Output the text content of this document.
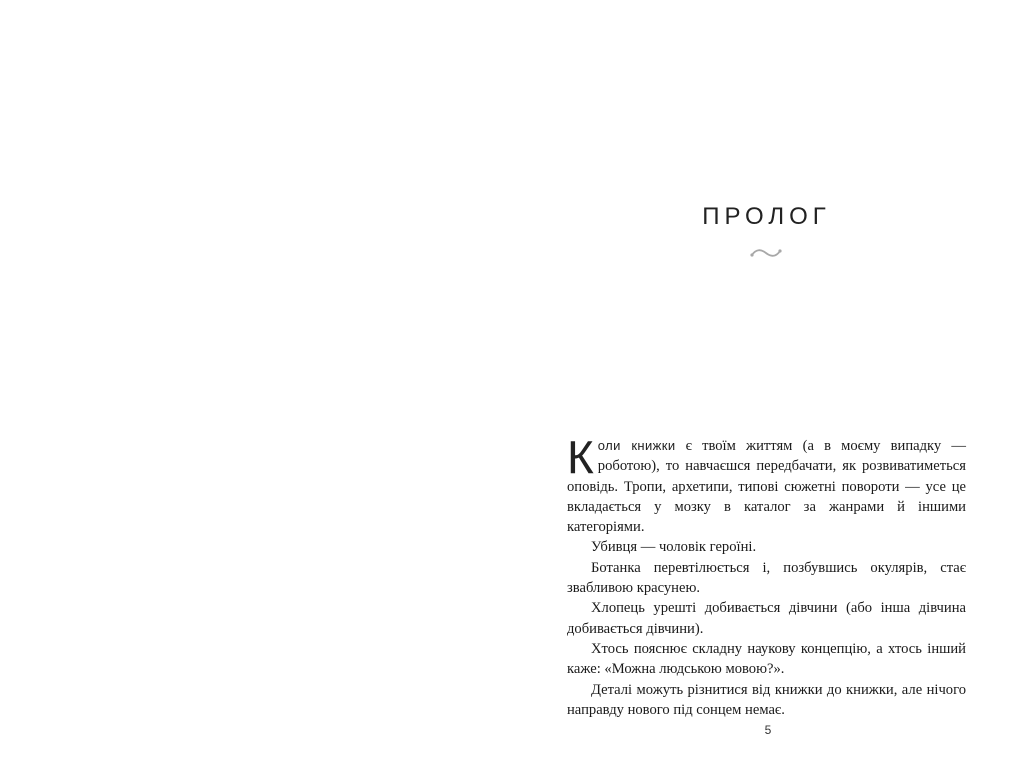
ПРОЛОГ

Коли книжки є твоїм життям (а в моєму випадку — роботою), то навчаєшся передбачати, як розвиватиметься оповідь. Тропи, архетипи, типові сюжетні повороти — усе це вкладається у мозку в каталог за жанрами й іншими категоріями.

Убивця — чоловік героїні.

Ботанка перевтілюється і, позбувшись окулярів, стає звабливою красунею.

Хлопець урешті добивається дівчини (або інша дівчина добивається дівчини).

Хтось пояснює складну наукову концепцію, а хтось інший каже: «Можна людською мовою?».

Деталі можуть різнитися від книжки до книжки, але нічого направду нового під сонцем немає.

5
